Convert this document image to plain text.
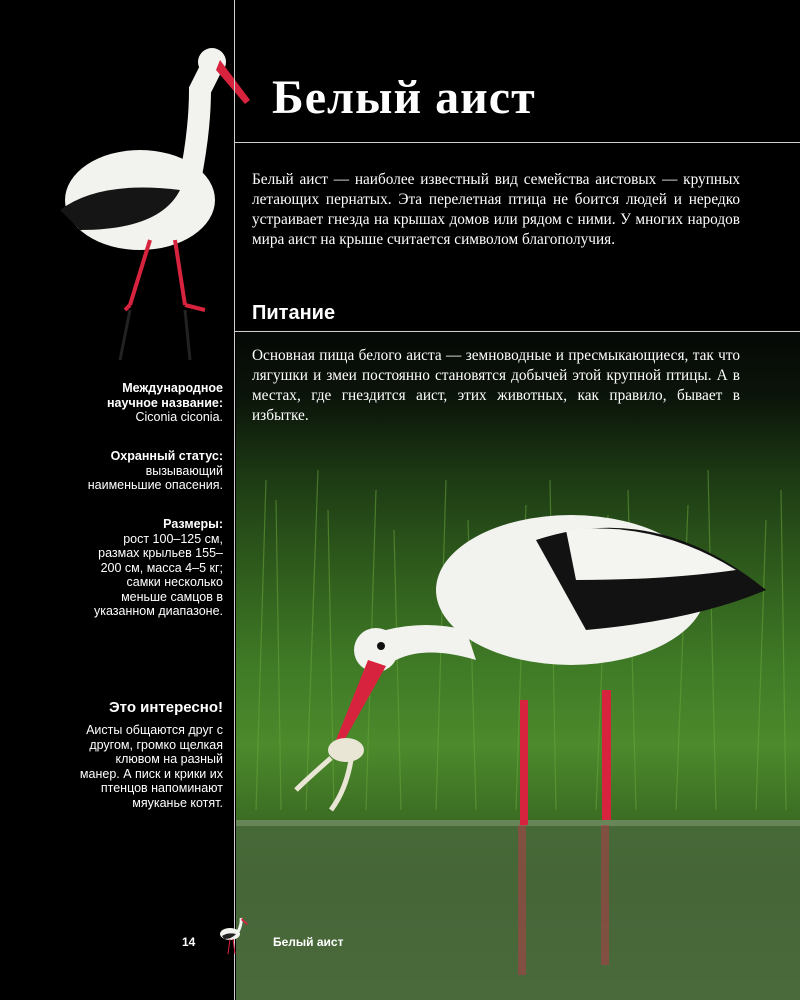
Белый аист

Белый аист — наиболее известный вид семейства аистовых — крупных летающих пернатых. Эта перелетная птица не боится людей и нередко устраивает гнезда на крышах домов или рядом с ними. У многих народов мира аист на крыше считается символом благополучия.

Питание

Основная пища белого аиста — земноводные и пресмыкающиеся, так что лягушки и змеи постоянно становятся добычей этой крупной птицы. А в местах, где гнездится аист, этих животных, как правило, бывает в избытке.

Международное научное название:
Ciconia ciconia.
Охранный статус:
вызывающий наименьшие опасения.
Размеры:
рост 100–125 см, размах крыльев 155–200 см, масса 4–5 кг; самки несколько меньше самцов в указанном диапазоне.
Это интересно!
Аисты общаются друг с другом, громко щелкая клювом на разный манер. А писк и крики их птенцов напоминают мяуканье котят.
14	Белый аист
